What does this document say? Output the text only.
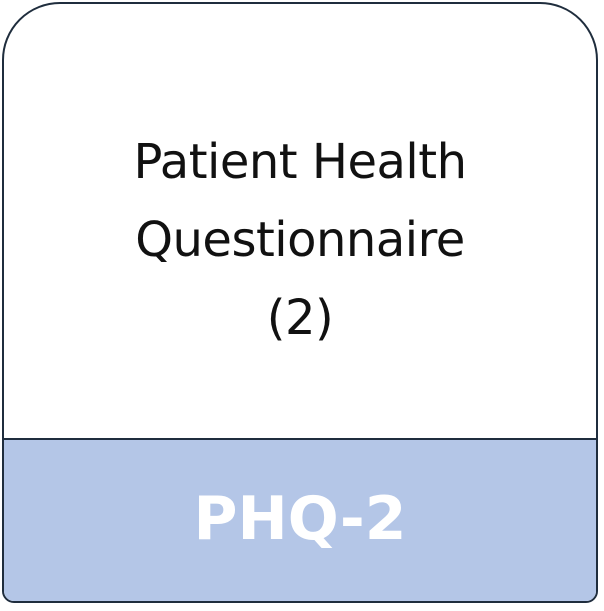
Patient Health
Questionnaire
(2)
PHQ-2
